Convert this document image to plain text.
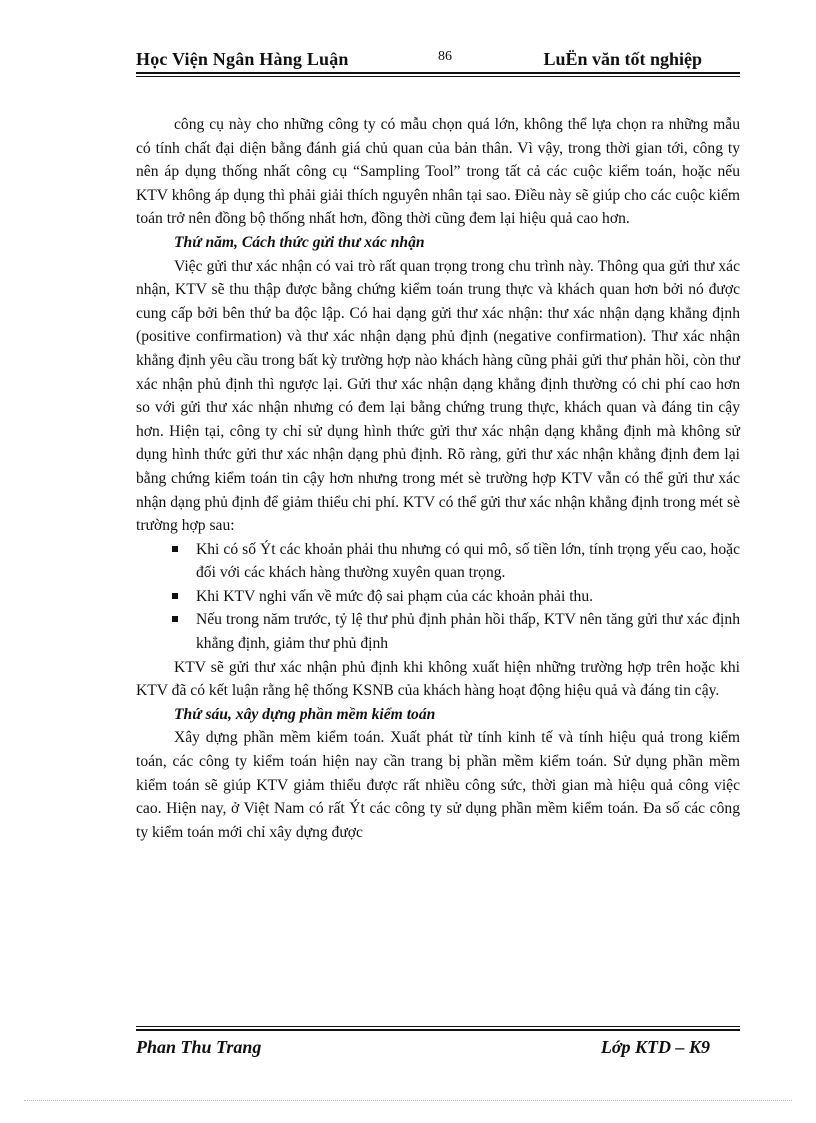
Học Viện Ngân Hàng Luận	86	LuËn văn tốt nghiệp

công cụ này cho những công ty có mẫu chọn quá lớn, không thể lựa chọn ra những mẫu có tính chất đại diện bằng đánh giá chủ quan của bản thân. Vì vậy, trong thời gian tới, công ty nên áp dụng thống nhất công cụ “Sampling Tool” trong tất cả các cuộc kiểm toán, hoặc nếu KTV không áp dụng thì phải giải thích nguyên nhân tại sao. Điều này sẽ giúp cho các cuộc kiểm toán trở nên đồng bộ thống nhất hơn, đồng thời cũng đem lại hiệu quả cao hơn.

Thứ năm, Cách thức gửi thư xác nhận

Việc gửi thư xác nhận có vai trò rất quan trọng trong chu trình này. Thông qua gửi thư xác nhận, KTV sẽ thu thập được bằng chứng kiểm toán trung thực và khách quan hơn bởi nó được cung cấp bởi bên thứ ba độc lập. Có hai dạng gửi thư xác nhận: thư xác nhận dạng khẳng định (positive confirmation) và thư xác nhận dạng phủ định (negative confirmation). Thư xác nhận khẳng định yêu cầu trong bất kỳ trường hợp nào khách hàng cũng phải gửi thư phản hồi, còn thư xác nhận phủ định thì ngược lại. Gửi thư xác nhận dạng khẳng định thường có chi phí cao hơn so với gửi thư xác nhận nhưng có đem lại bằng chứng trung thực, khách quan và đáng tin cậy hơn. Hiện tại, công ty chỉ sử dụng hình thức gửi thư xác nhận dạng khẳng định mà không sử dụng hình thức gửi thư xác nhận dạng phủ định. Rõ ràng, gửi thư xác nhận khẳng định đem lại bằng chứng kiểm toán tin cậy hơn nhưng trong mét sè trường hợp KTV vẫn có thể gửi thư xác nhận dạng phủ định để giảm thiểu chi phí. KTV có thể gửi thư xác nhận khẳng định trong mét sè trường hợp sau:

Khi có số Ýt các khoản phải thu nhưng có qui mô, số tiền lớn, tính trọng yếu cao, hoặc đối với các khách hàng thường xuyên quan trọng.
Khi KTV nghi vấn về mức độ sai phạm của các khoản phải thu.
Nếu trong năm trước, tỷ lệ thư phủ định phản hồi thấp, KTV nên tăng gửi thư xác định khẳng định, giảm thư phủ định

KTV sẽ gửi thư xác nhận phủ định khi không xuất hiện những trường hợp trên hoặc khi KTV đã có kết luận rằng hệ thống KSNB của khách hàng hoạt động hiệu quả và đáng tin cậy.

Thứ sáu, xây dựng phần mềm kiểm toán

Xây dựng phần mềm kiểm toán. Xuất phát từ tính kinh tế và tính hiệu quả trong kiểm toán, các công ty kiểm toán hiện nay cần trang bị phần mềm kiểm toán. Sử dụng phần mềm kiểm toán sẽ giúp KTV giảm thiểu được rất nhiều công sức, thời gian mà hiệu quả công việc cao. Hiện nay, ở Việt Nam có rất Ýt các công ty sử dụng phần mềm kiểm toán. Đa số các công ty kiểm toán mới chỉ xây dựng được

Phan Thu Trang	Lớp KTD – K9
